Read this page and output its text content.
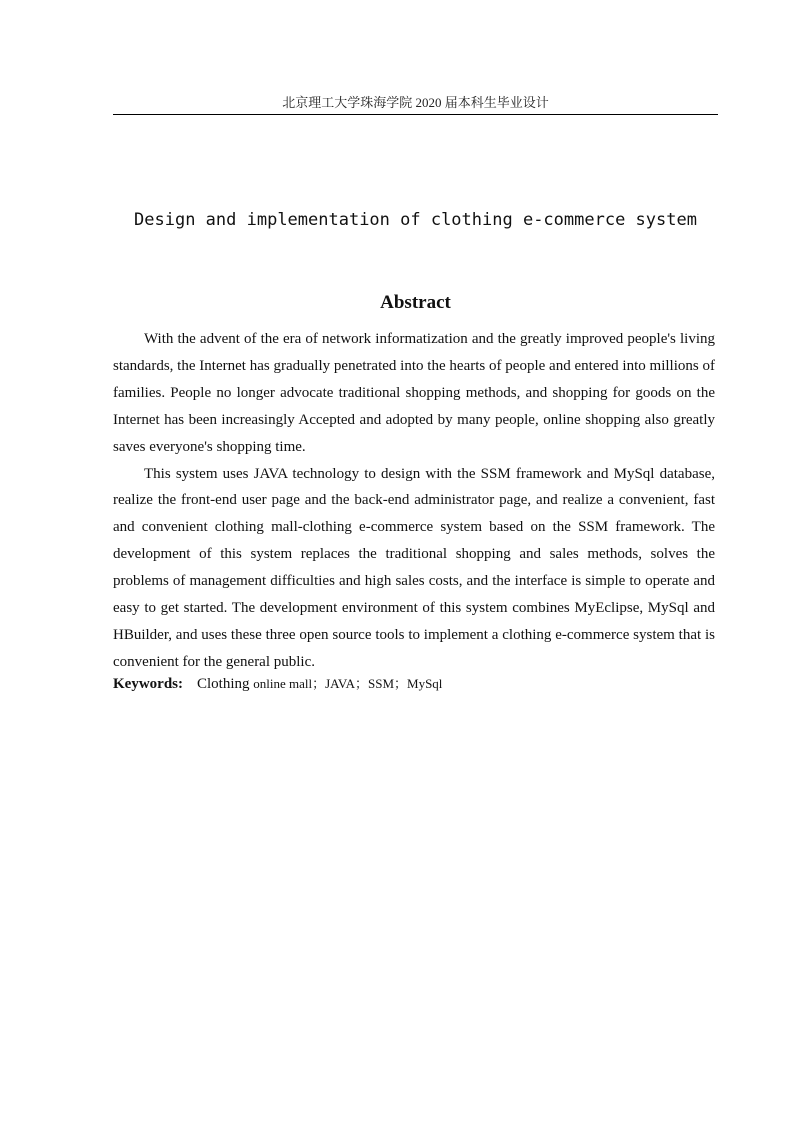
北京理工大学珠海学院 2020 届本科生毕业设计
Design and implementation of clothing e-commerce system
Abstract

With the advent of the era of network informatization and the greatly improved people's living standards, the Internet has gradually penetrated into the hearts of people and entered into millions of families. People no longer advocate traditional shopping methods, and shopping for goods on the Internet has been increasingly Accepted and adopted by many people, online shopping also greatly saves everyone's shopping time.

This system uses JAVA technology to design with the SSM framework and MySql database, realize the front-end user page and the back-end administrator page, and realize a convenient, fast and convenient clothing mall-clothing e-commerce system based on the SSM framework. The development of this system replaces the traditional shopping and sales methods, solves the problems of management difficulties and high sales costs, and the interface is simple to operate and easy to get started. The development environment of this system combines MyEclipse, MySql and HBuilder, and uses these three open source tools to implement a clothing e-commerce system that is convenient for the general public.

Keywords: Clothing online mall；JAVA；SSM；MySql
